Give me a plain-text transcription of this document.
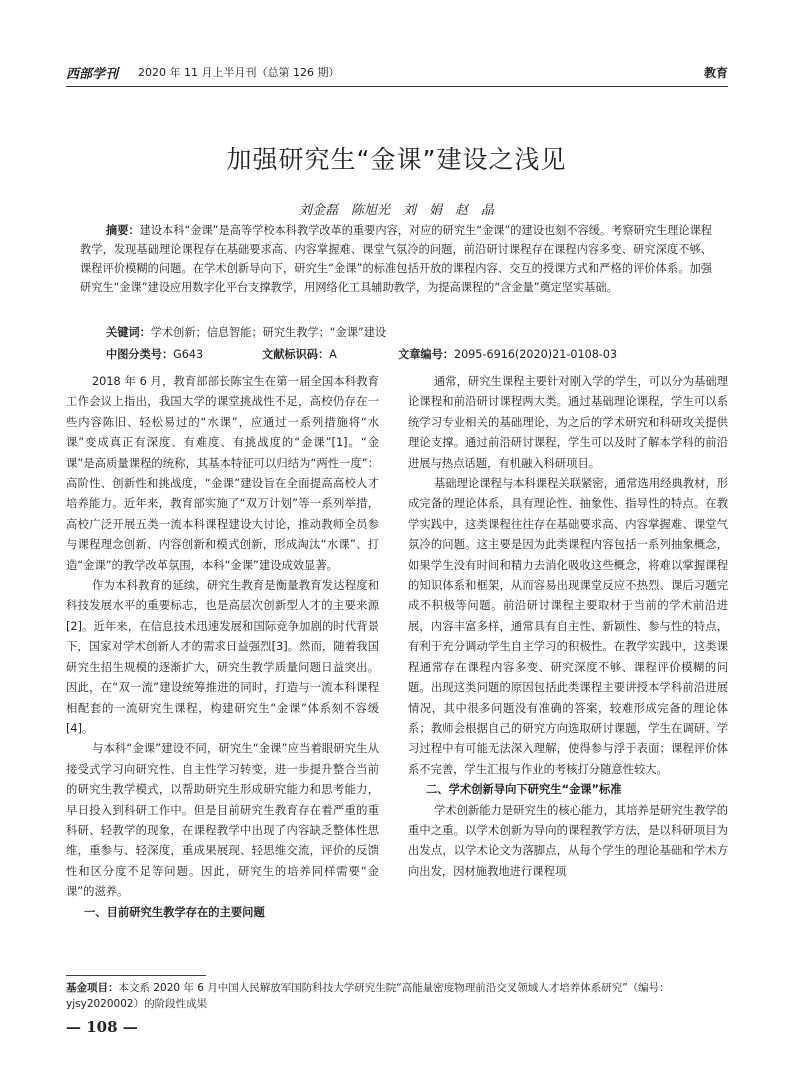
西部学刊 2020 年 11 月上半月刊（总第 126 期）	教育
加强研究生“金课”建设之浅见
刘金磊　陈旭光　刘　娟　赵　晶
摘要：建设本科“金课”是高等学校本科教学改革的重要内容，对应的研究生“金课”的建设也刻不容缓。考察研究生理论课程教学，发现基础理论课程存在基础要求高、内容掌握难、课堂气氛冷的问题，前沿研讨课程存在课程内容多变、研究深度不够、课程评价模糊的问题。在学术创新导向下，研究生“金课”的标准包括开放的课程内容、交互的授课方式和严格的评价体系。加强研究生“金课”建设应用数字化平台支撑教学，用网络化工具辅助教学，为提高课程的“含金量”奠定坚实基础。
关键词：学术创新；信息智能；研究生教学；“金课”建设
中图分类号：G643	文献标识码：A	文章编号：2095-6916(2020)21-0108-03

2018 年 6 月，教育部部长陈宝生在第一届全国本科教育工作会议上指出，我国大学的课堂挑战性不足，高校仍存在一些内容陈旧、轻松易过的“水课”，应通过一系列措施将“水课”变成真正有深度、有难度、有挑战度的“金课”[1]。“金课”是高质量课程的统称，其基本特征可以归结为“两性一度”：高阶性、创新性和挑战度，“金课”建设旨在全面提高高校人才培养能力。近年来，教育部实施了“双万计划”等一系列举措，高校广泛开展五类一流本科课程建设大讨论，推动教师全员参与课程理念创新、内容创新和模式创新，形成淘汰“水课”、打造“金课”的教学改革氛围，本科“金课”建设成效显著。

作为本科教育的延续，研究生教育是衡量教育发达程度和科技发展水平的重要标志，也是高层次创新型人才的主要来源[2]。近年来，在信息技术迅速发展和国际竞争加剧的时代背景下，国家对学术创新人才的需求日益强烈[3]。然而，随着我国研究生招生规模的逐渐扩大，研究生教学质量问题日益突出。因此，在“双一流”建设统筹推进的同时，打造与一流本科课程相配套的一流研究生课程，构建研究生“金课”体系刻不容缓[4]。

与本科“金课”建设不同，研究生“金课”应当着眼研究生从接受式学习向研究性、自主性学习转变，进一步提升整合当前的研究生教学模式，以帮助研究生形成研究能力和思考能力，早日投入到科研工作中。但是目前研究生教育存在着严重的重科研、轻教学的现象，在课程教学中出现了内容缺乏整体性思维，重参与、轻深度，重成果展现、轻思维交流，评价的反馈性和区分度不足等问题。因此，研究生的培养同样需要“金课”的滋养。

一、目前研究生教学存在的主要问题

通常，研究生课程主要针对刚入学的学生，可以分为基础理论课程和前沿研讨课程两大类。通过基础理论课程，学生可以系统学习专业相关的基础理论，为之后的学术研究和科研攻关提供理论支撑。通过前沿研讨课程，学生可以及时了解本学科的前沿进展与热点话题，有机融入科研项目。

基础理论课程与本科课程关联紧密，通常选用经典教材，形成完备的理论体系，具有理论性、抽象性、指导性的特点。在教学实践中，这类课程往往存在基础要求高、内容掌握难、课堂气氛冷的问题。这主要是因为此类课程内容包括一系列抽象概念，如果学生没有时间和精力去消化吸收这些概念，将难以掌握课程的知识体系和框架，从而容易出现课堂反应不热烈、课后习题完成不积极等问题。前沿研讨课程主要取材于当前的学术前沿进展，内容丰富多样，通常具有自主性、新颖性、参与性的特点，有利于充分调动学生自主学习的积极性。在教学实践中，这类课程通常存在课程内容多变、研究深度不够、课程评价模糊的问题。出现这类问题的原因包括此类课程主要讲授本学科前沿进展情况，其中很多问题没有准确的答案，较难形成完备的理论体系；教师会根据自己的研究方向选取研讨课题，学生在调研、学习过程中有可能无法深入理解，使得参与浮于表面；课程评价体系不完善，学生汇报与作业的考核打分随意性较大。

二、学术创新导向下研究生“金课”标准

学术创新能力是研究生的核心能力，其培养是研究生教学的重中之重。以学术创新为导向的课程教学方法，是以科研项目为出发点，以学术论文为落脚点，从每个学生的理论基础和学术方向出发，因材施教地进行课程项

基金项目：本文系 2020 年 6 月中国人民解放军国防科技大学研究生院“高能量密度物理前沿交叉领域人才培养体系研究”（编号：yjsy2020002）的阶段性成果
— 108 —
